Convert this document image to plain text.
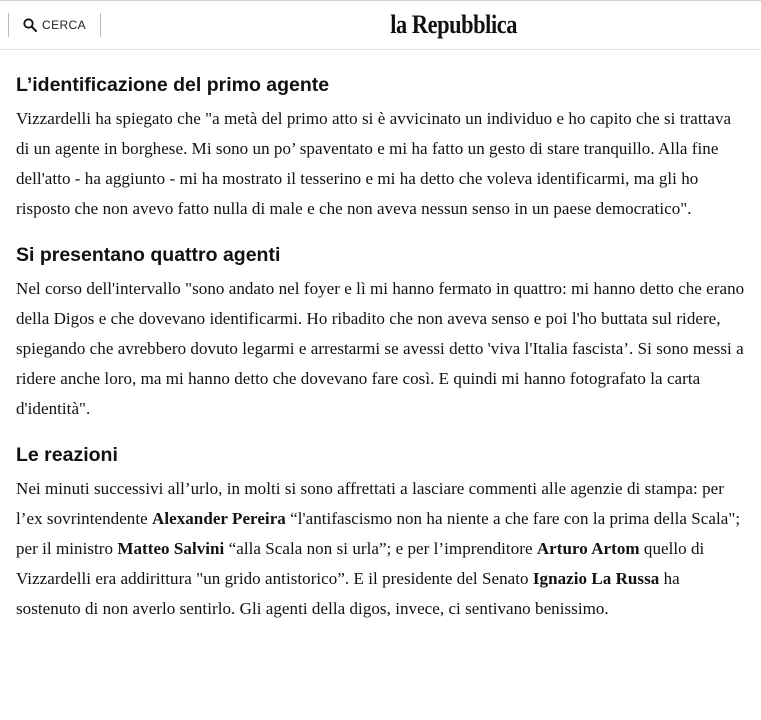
CERCA	la Repubblica
L’identificazione del primo agente

Vizzardelli ha spiegato che "a metà del primo atto si è avvicinato un individuo e ho capito che si trattava di un agente in borghese. Mi sono un po’ spaventato e mi ha fatto un gesto di stare tranquillo. Alla fine dell'atto - ha aggiunto - mi ha mostrato il tesserino e mi ha detto che voleva identificarmi, ma gli ho risposto che non avevo fatto nulla di male e che non aveva nessun senso in un paese democratico".

Si presentano quattro agenti

Nel corso dell'intervallo "sono andato nel foyer e lì mi hanno fermato in quattro: mi hanno detto che erano della Digos e che dovevano identificarmi. Ho ribadito che non aveva senso e poi l'ho buttata sul ridere, spiegando che avrebbero dovuto legarmi e arrestarmi se avessi detto 'viva l'Italia fascista’. Si sono messi a ridere anche loro, ma mi hanno detto che dovevano fare così. E quindi mi hanno fotografato la carta d'identità".

Le reazioni

Nei minuti successivi all’urlo, in molti si sono affrettati a lasciare commenti alle agenzie di stampa: per l’ex sovrintendente Alexander Pereira “l'antifascismo non ha niente a che fare con la prima della Scala"; per il ministro Matteo Salvini “alla Scala non si urla”; e per l’imprenditore Arturo Artom quello di Vizzardelli era addirittura "un grido antistorico”. E il presidente del Senato Ignazio La Russa ha sostenuto di non averlo sentirlo. Gli agenti della digos, invece, ci sentivano benissimo.
